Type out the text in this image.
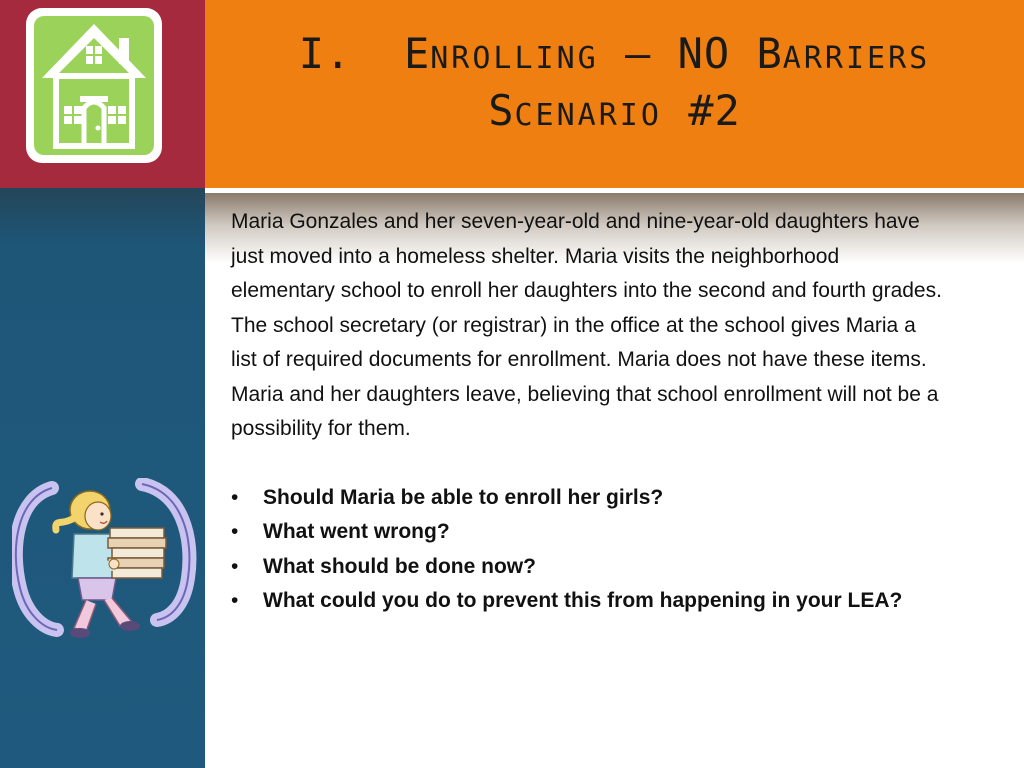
I. ENROLLING – NO BARRIERS
SCENARIO #2

Maria Gonzales and her seven-year-old and nine-year-old daughters have just moved into a homeless shelter. Maria visits the neighborhood elementary school to enroll her daughters into the second and fourth grades. The school secretary (or registrar) in the office at the school gives Maria a list of required documents for enrollment. Maria does not have these items. Maria and her daughters leave, believing that school enrollment will not be a possibility for them.

• Should Maria be able to enroll her girls?
• What went wrong?
• What should be done now?
• What could you do to prevent this from happening in your LEA?
